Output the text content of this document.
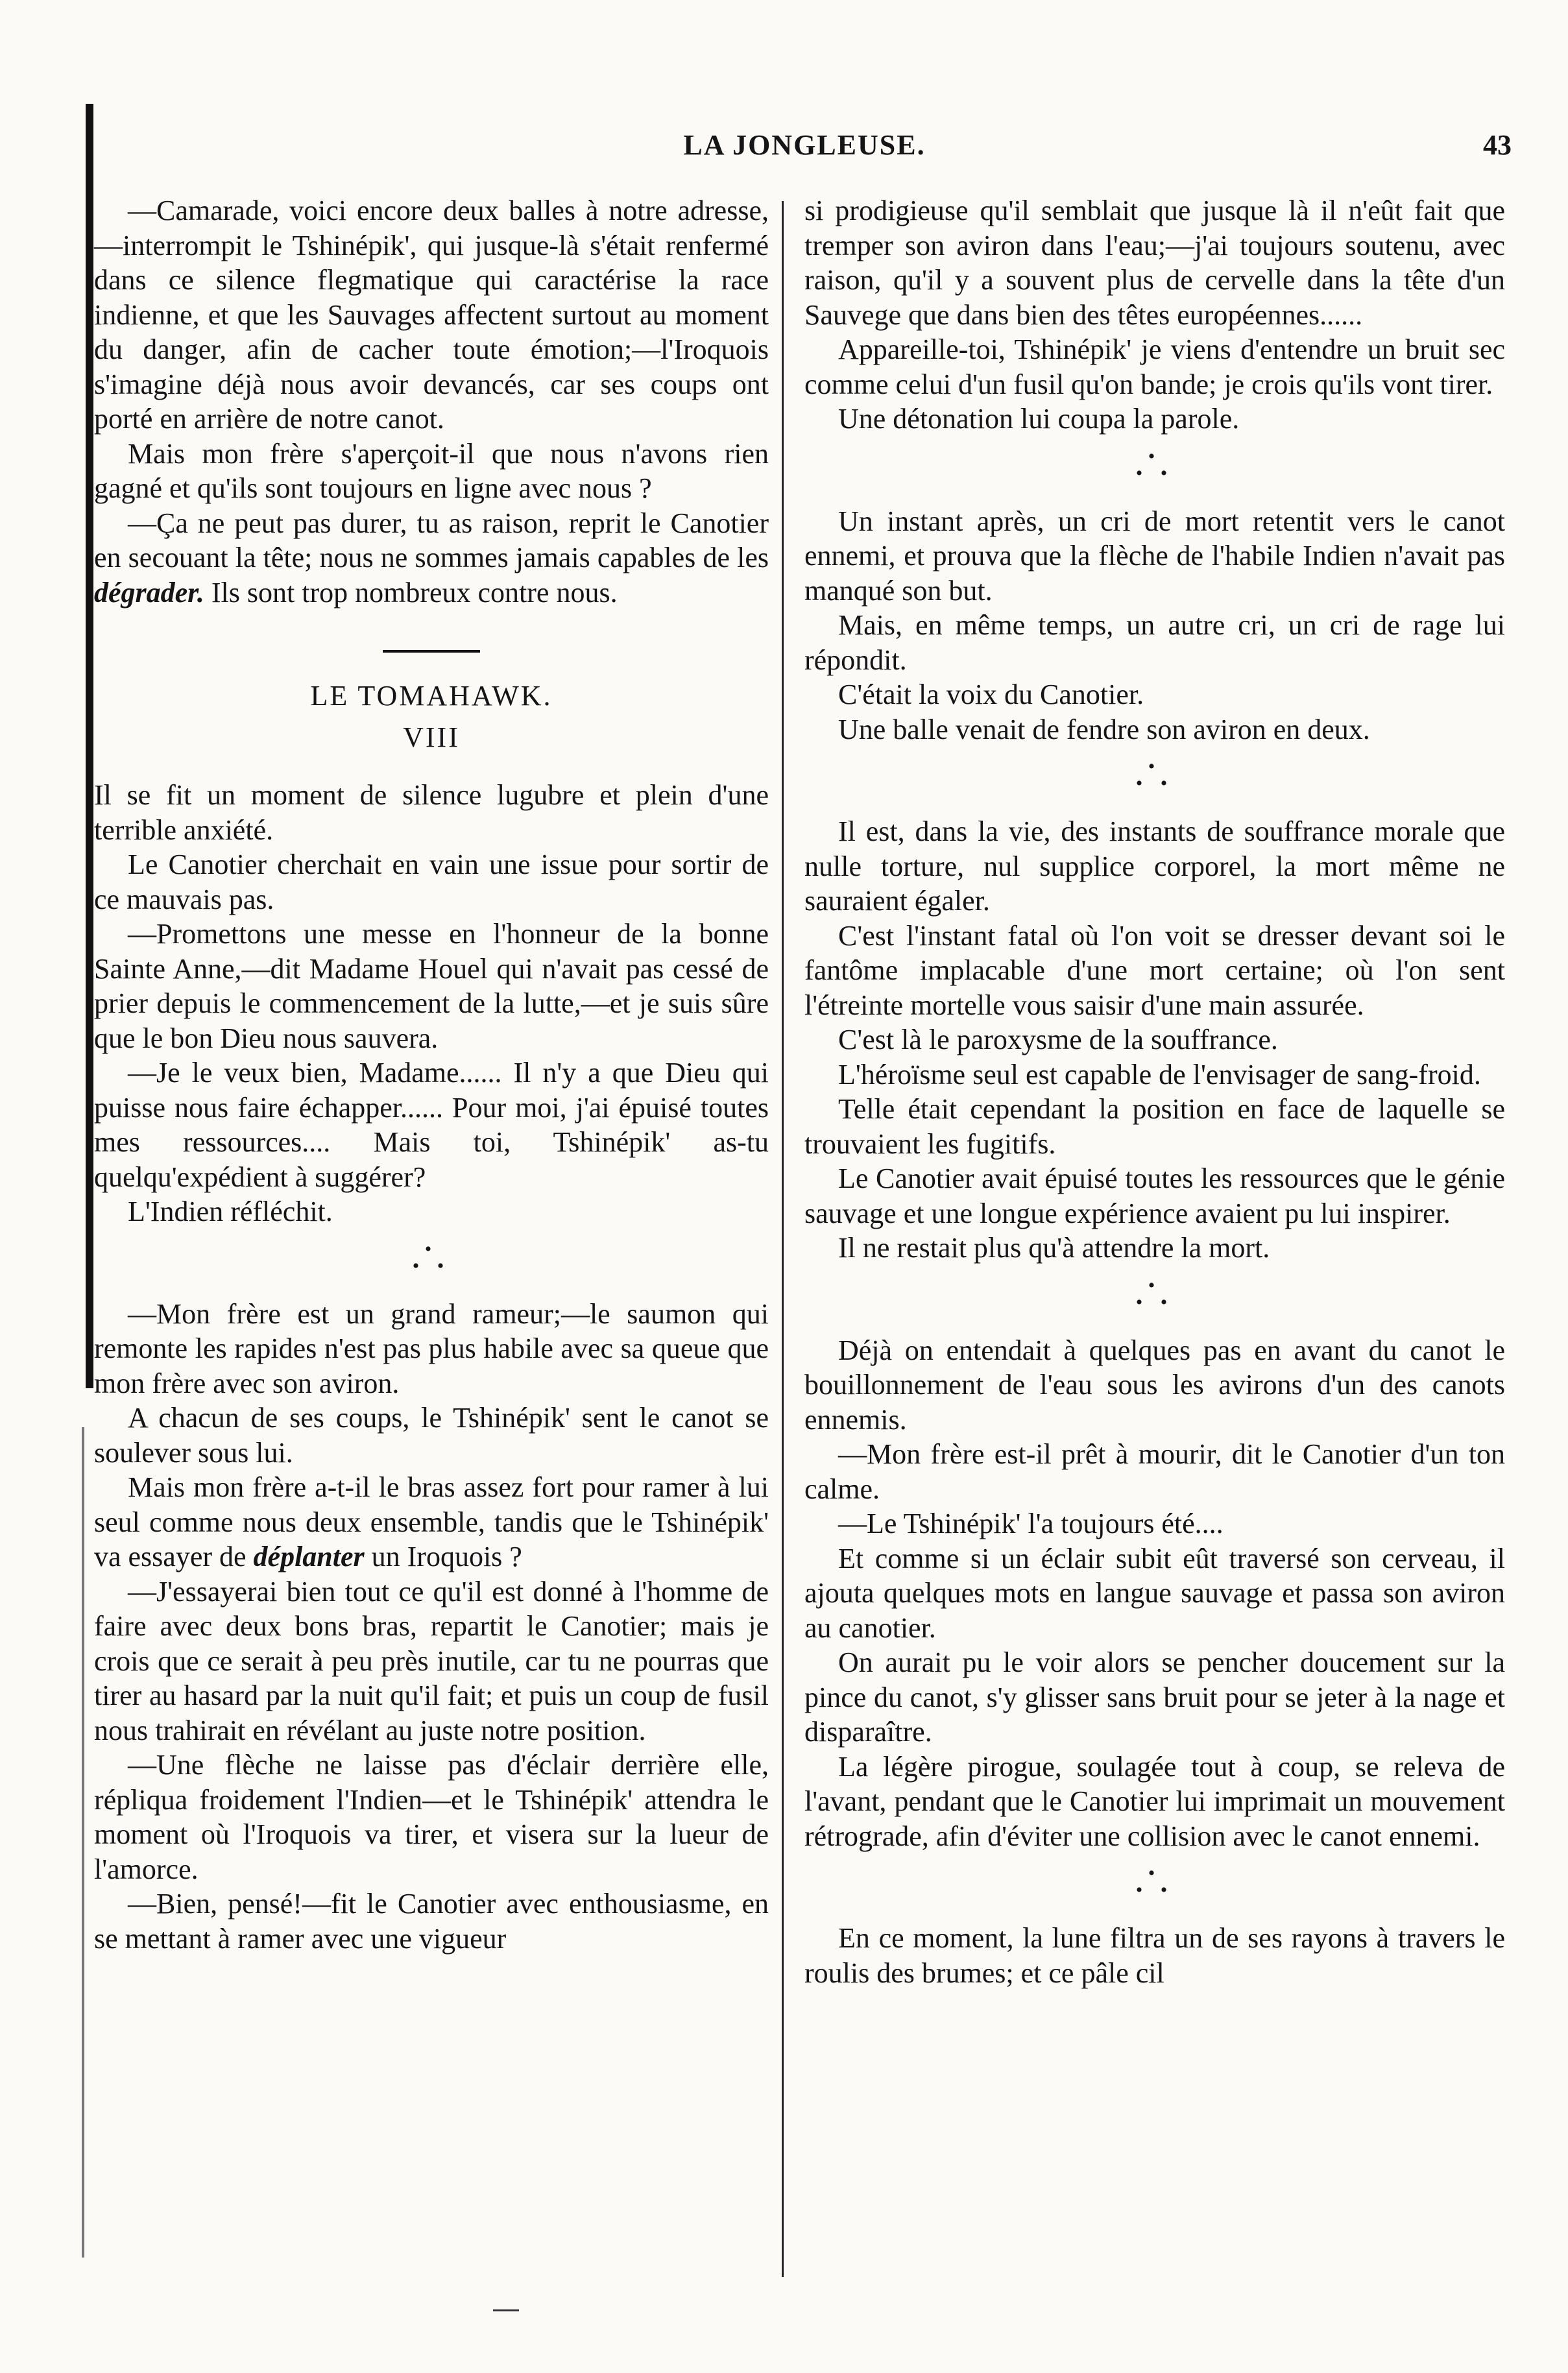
LA JONGLEUSE.	43

—Camarade, voici encore deux balles à notre adresse,—interrompit le Tshinépik', qui jusque-là s'était renfermé dans ce silence flegmatique qui caractérise la race indienne, et que les Sauvages affectent surtout au moment du danger, afin de cacher toute émotion;—l'Iroquois s'imagine déjà nous avoir devancés, car ses coups ont porté en arrière de notre canot.

Mais mon frère s'aperçoit-il que nous n'avons rien gagné et qu'ils sont toujours en ligne avec nous ?

—Ça ne peut pas durer, tu as raison, reprit le Canotier en secouant la tête; nous ne sommes jamais capables de les dégrader. Ils sont trop nombreux contre nous.

LE TOMAHAWK.
VIII

Il se fit un moment de silence lugubre et plein d'une terrible anxiété.

Le Canotier cherchait en vain une issue pour sortir de ce mauvais pas.

—Promettons une messe en l'honneur de la bonne Sainte Anne,—dit Madame Houel qui n'avait pas cessé de prier depuis le commencement de la lutte,—et je suis sûre que le bon Dieu nous sauvera.

—Je le veux bien, Madame...... Il n'y a que Dieu qui puisse nous faire échapper...... Pour moi, j'ai épuisé toutes mes ressources.... Mais toi, Tshinépik' as-tu quelqu'expédient à suggérer?

L'Indien réfléchit.

•
• •

—Mon frère est un grand rameur;—le saumon qui remonte les rapides n'est pas plus habile avec sa queue que mon frère avec son aviron.

A chacun de ses coups, le Tshinépik' sent le canot se soulever sous lui.

Mais mon frère a-t-il le bras assez fort pour ramer à lui seul comme nous deux ensemble, tandis que le Tshinépik' va essayer de déplanter un Iroquois ?

—J'essayerai bien tout ce qu'il est donné à l'homme de faire avec deux bons bras, repartit le Canotier; mais je crois que ce serait à peu près inutile, car tu ne pourras que tirer au hasard par la nuit qu'il fait; et puis un coup de fusil nous trahirait en révélant au juste notre position.

—Une flèche ne laisse pas d'éclair derrière elle, répliqua froidement l'Indien—et le Tshinépik' attendra le moment où l'Iroquois va tirer, et visera sur la lueur de l'amorce.

—Bien, pensé!—fit le Canotier avec enthousiasme, en se mettant à ramer avec une vigueur

si prodigieuse qu'il semblait que jusque là il n'eût fait que tremper son aviron dans l'eau;—j'ai toujours soutenu, avec raison, qu'il y a souvent plus de cervelle dans la tête d'un Sauvege que dans bien des têtes européennes......

Appareille-toi, Tshinépik' je viens d'entendre un bruit sec comme celui d'un fusil qu'on bande; je crois qu'ils vont tirer.

Une détonation lui coupa la parole.

•
• •

Un instant après, un cri de mort retentit vers le canot ennemi, et prouva que la flèche de l'habile Indien n'avait pas manqué son but.

Mais, en même temps, un autre cri, un cri de rage lui répondit.

C'était la voix du Canotier.

Une balle venait de fendre son aviron en deux.

•
• •

Il est, dans la vie, des instants de souffrance morale que nulle torture, nul supplice corporel, la mort même ne sauraient égaler.

C'est l'instant fatal où l'on voit se dresser devant soi le fantôme implacable d'une mort certaine; où l'on sent l'étreinte mortelle vous saisir d'une main assurée.

C'est là le paroxysme de la souffrance.

L'héroïsme seul est capable de l'envisager de sang-froid.

Telle était cependant la position en face de laquelle se trouvaient les fugitifs.

Le Canotier avait épuisé toutes les ressources que le génie sauvage et une longue expérience avaient pu lui inspirer.

Il ne restait plus qu'à attendre la mort.

•
• •

Déjà on entendait à quelques pas en avant du canot le bouillonnement de l'eau sous les avirons d'un des canots ennemis.

—Mon frère est-il prêt à mourir, dit le Canotier d'un ton calme.

—Le Tshinépik' l'a toujours été....

Et comme si un éclair subit eût traversé son cerveau, il ajouta quelques mots en langue sauvage et passa son aviron au canotier.

On aurait pu le voir alors se pencher doucement sur la pince du canot, s'y glisser sans bruit pour se jeter à la nage et disparaître.

La légère pirogue, soulagée tout à coup, se releva de l'avant, pendant que le Canotier lui imprimait un mouvement rétrograde, afin d'éviter une collision avec le canot ennemi.

•
• •

En ce moment, la lune filtra un de ses rayons à travers le roulis des brumes; et ce pâle cil
